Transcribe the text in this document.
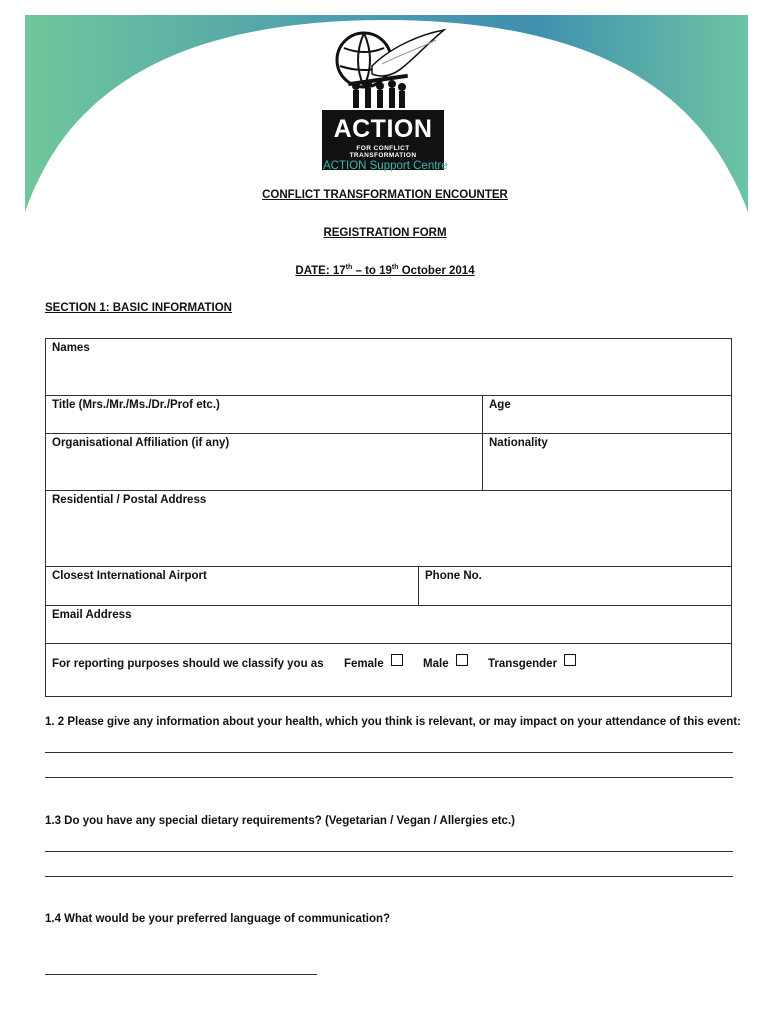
ACTION
FOR CONFLICT TRANSFORMATION
ACTION Support Centre
CONFLICT TRANSFORMATION ENCOUNTER
REGISTRATION FORM
DATE: 17th – to 19th October 2014
SECTION 1: BASIC INFORMATION
Names		
Title (Mrs./Mr./Ms./Dr./Prof etc.)		Age
Organisational Affiliation (if any)		Nationality
Residential / Postal Address		
Closest International Airport	Phone No.	
Email Address		
For reporting purposes should we classify you as Female Male Transgender		
1. 2 Please give any information about your health, which you think is relevant, or may impact on your attendance of this event:
1.3 Do you have any special dietary requirements? (Vegetarian / Vegan / Allergies etc.)
1.4 What would be your preferred language of communication?
